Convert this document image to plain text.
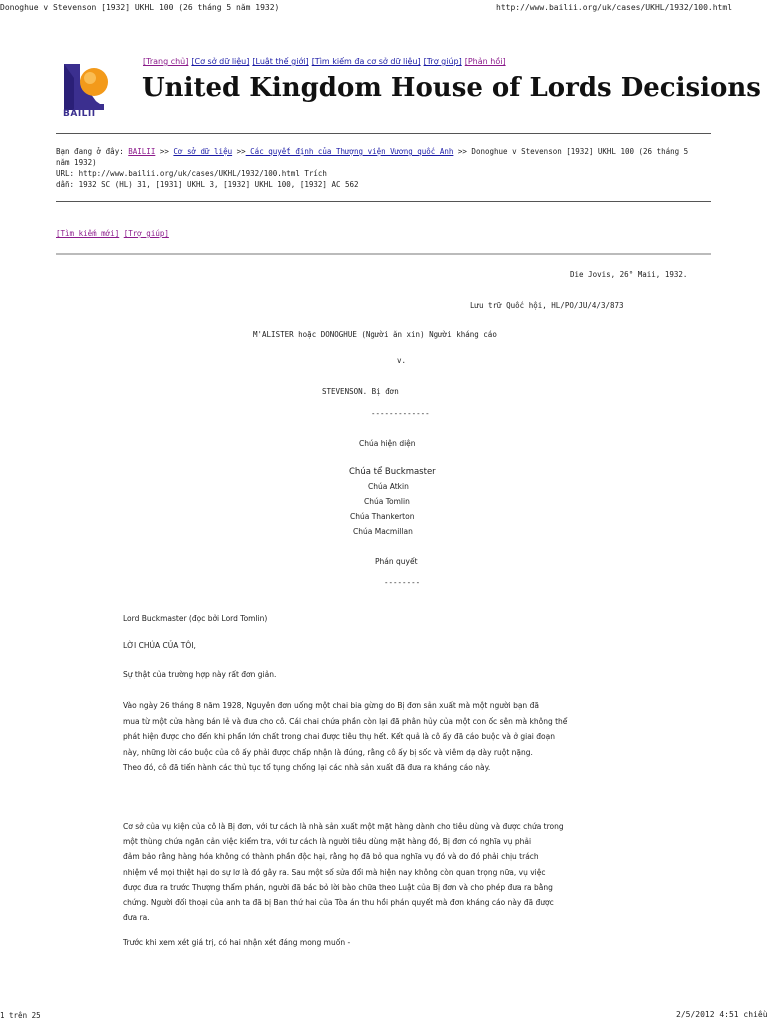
Donoghue v Stevenson [1932] UKHL 100 (26 tháng 5 năm 1932)	http://www.bailii.org/uk/cases/UKHL/1932/100.html
[Trang chủ] [Cơ sở dữ liệu] [Luật thế giới] [Tìm kiếm đa cơ sở dữ liệu] [Trợ giúp] [Phản hồi]
BAILII
United Kingdom House of Lords Decisions
Bạn đang ở đây: BAILII >> Cơ sở dữ liệu >> Các quyết định của Thượng viện Vương quốc Anh >> Donoghue v Stevenson [1932] UKHL 100 (26 tháng 5
năm 1932)
URL: http://www.bailii.org/uk/cases/UKHL/1932/100.html Trích
dẫn: 1932 SC (HL) 31, [1931] UKHL 3, [1932] UKHL 100, [1932] AC 562
[Tìm kiếm mới] [Trợ giúp]
Die Jovis, 26° Maii, 1932.
Lưu trữ Quốc hội, HL/PO/JU/4/3/873
M'ALISTER hoặc DONOGHUE (Người ăn xin) Người kháng cáo
v.
STEVENSON. Bị đơn
-------------
Chúa hiện diện
Chúa tể Buckmaster
Chúa Atkin
Chúa Tomlin
Chúa Thankerton
Chúa Macmillan
Phán quyết
--------
Lord Buckmaster (đọc bởi Lord Tomlin)
LỜI CHÚA CỦA TÔI,
Sự thật của trường hợp này rất đơn giản.
Vào ngày 26 tháng 8 năm 1928, Nguyên đơn uống một chai bia gừng do Bị đơn sản xuất mà một người bạn đã
mua từ một cửa hàng bán lẻ và đưa cho cô. Cái chai chứa phần còn lại đã phân hủy của một con ốc sên mà không thể
phát hiện được cho đến khi phần lớn chất trong chai được tiêu thụ hết. Kết quả là cô ấy đã cáo buộc và ở giai đoạn
này, những lời cáo buộc của cô ấy phải được chấp nhận là đúng, rằng cô ấy bị sốc và viêm dạ dày ruột nặng.
Theo đó, cô đã tiến hành các thủ tục tố tụng chống lại các nhà sản xuất đã đưa ra kháng cáo này.
Cơ sở của vụ kiện của cô là Bị đơn, với tư cách là nhà sản xuất một mặt hàng dành cho tiêu dùng và được chứa trong
một thùng chứa ngăn cản việc kiểm tra, với tư cách là người tiêu dùng mặt hàng đó, Bị đơn có nghĩa vụ phải
đảm bảo rằng hàng hóa không có thành phần độc hại, rằng họ đã bỏ qua nghĩa vụ đó và do đó phải chịu trách
nhiệm về mọi thiệt hại do sự lơ là đó gây ra. Sau một số sửa đổi mà hiện nay không còn quan trọng nữa, vụ việc
được đưa ra trước Thượng thẩm phán, người đã bác bỏ lời bào chữa theo Luật của Bị đơn và cho phép đưa ra bằng
chứng. Người đối thoại của anh ta đã bị Ban thứ hai của Tòa án thu hồi phán quyết mà đơn kháng cáo này đã được
đưa ra.
Trước khi xem xét giá trị, có hai nhận xét đáng mong muốn -
1 trên 25	2/5/2012 4:51 chiều
